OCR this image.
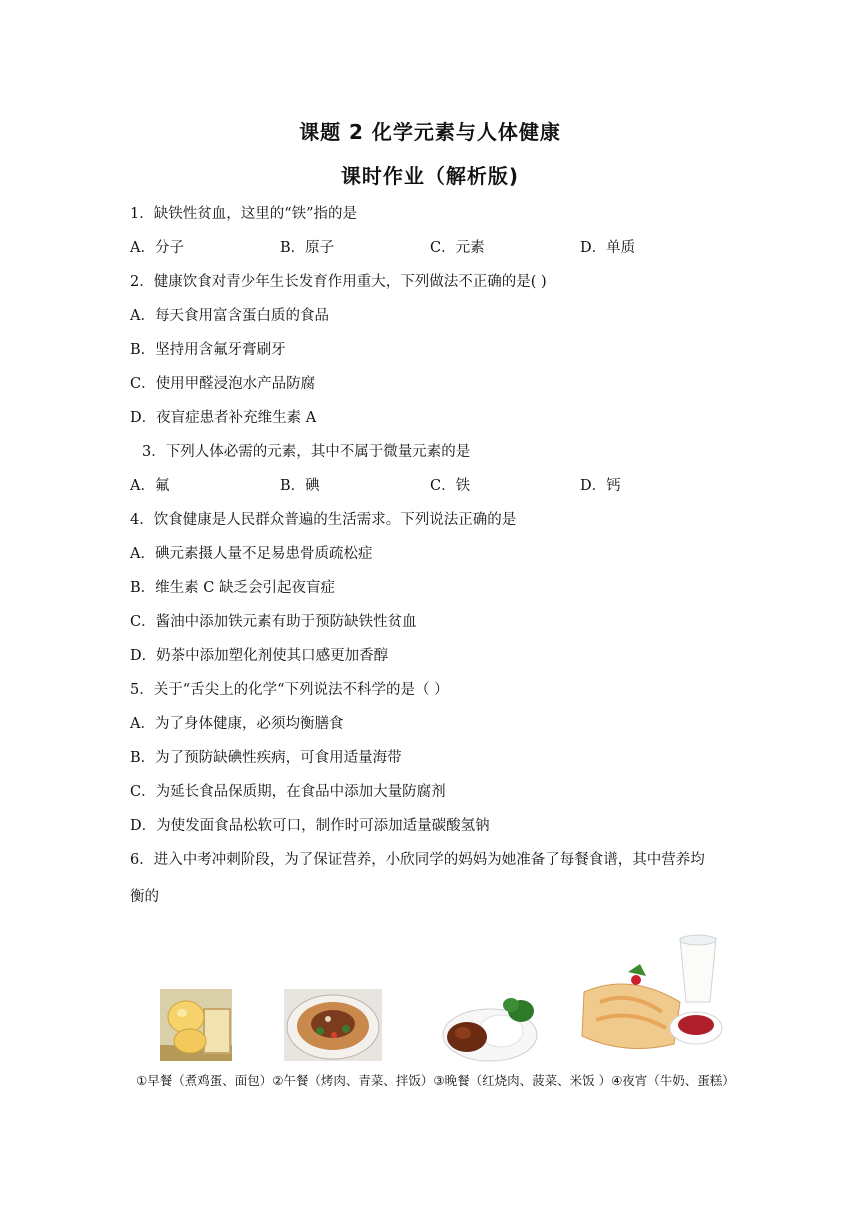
课题 2 化学元素与人体健康
课时作业（解析版)
1．缺铁性贫血，这里的“铁”指的是
A．分子	B．原子	C．元素	D．单质
2．健康饮食对青少年生长发育作用重大，下列做法不正确的是( )
A．每天食用富含蛋白质的食品
B．坚持用含氟牙膏刷牙
C．使用甲醛浸泡水产品防腐
D．夜盲症患者补充维生素 A
3．下列人体必需的元素，其中不属于微量元素的是
A．氟	B．碘	C．铁	D．钙
4．饮食健康是人民群众普遍的生活需求。下列说法正确的是
A．碘元素摄人量不足易患骨质疏松症
B．维生素 C 缺乏会引起夜盲症
C．酱油中添加铁元素有助于预防缺铁性贫血
D．奶茶中添加塑化剂使其口感更加香醇
5．关于“舌尖上的化学“下列说法不科学的是（ ）
A．为了身体健康，必须均衡膳食
B．为了预防缺碘性疾病，可食用适量海带
C．为延长食品保质期，在食品中添加大量防腐剂
D．为使发面食品松软可口，制作时可添加适量碳酸氢钠
6．进入中考冲刺阶段，为了保证营养，小欣同学的妈妈为她准备了每餐食谱，其中营养均
衡的
①早餐（煮鸡蛋、面包）②午餐（烤肉、青菜、拌饭）③晚餐（红烧肉、菠菜、米饭 ）④夜宵（牛奶、蛋糕）
